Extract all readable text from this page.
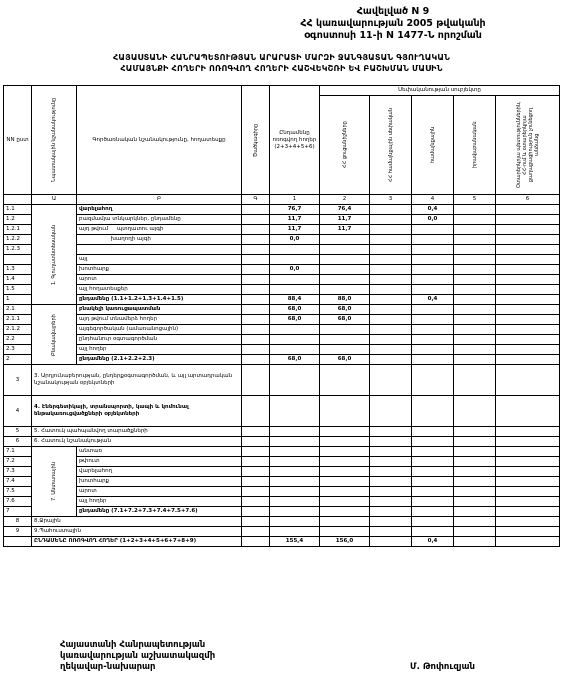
Հավելված N 9
ՀՀ կառավարության 2005 թվականի
օգոստոսի 11-ի N 1477-Ն որոշման
ՀԱՅԱՍՏԱՆԻ ՀԱՆՐԱՊԵՏՈՒԹՅԱՆ ԱՐԱՐԱՏԻ ՄԱՐԶԻ ՋԱՆԳՅԱՏԱՆ ԳՅՈՒՂԱԿԱՆ
ՀԱՄԱՅՆՔԻ ՀՈՂԵՐԻ ՈՌՈԳՎՈՂ ՀՈՂԵՐԻ ՀԱՇՎԵԿՇՌԻ ԵՎ ԲԱՇԽՄԱՆ ՄԱՍԻՆ
NN ըստ	Նպատակային նշանակությունը	Գործառնական նշանակությունը, հողատեսքը	Ծածկագիրը	Ընդամենը ոռոգվող հողեր (2+3+4+5+6)	Սեփականության սուբյեկտը				

					ՀՀ ցուցանիշները	ՀՀ համայնքային սեփական	համայնքային	իրավաբանական	Օտարերկրյա պետություններին, ՀՀ-ում և օտարերկրյա քաղաքացիություն չունեցող անձանց

	Ա	Բ	Գ	1	2	3	4	5	6
1.1	1. Գյուղատնտեսական	վարելահող		76,7	76,4		0,4		
1.2		բազմամյա տնկարկներ, ընդամենը		11,7	11,7		0,0		
1.2.1		այդ թվում     պտղատու այգի		11,7	11,7				
1.2.2		խաղողի այգի		0,0					
1.2.3									
		այլ							
1.3		խոտհարք		0,0					
1.4		արոտ							
1.5		այլ հողատեսքեր							
1		ընդամենը (1.1+1.2+1.3+1.4+1.5)		88,4	88,0		0,4		
2.1	Բնակավայրերի	բնակելի կառուցապատման		68,0	68,0				
2.1.1		այդ թվում տնամերձ հողեր		68,0	68,0				
2.1.2		այգեգործական (ամառանոցային)							
2.2		ընդհանուր օգտագործման							
2.3		այլ հողեր							
2		ընդամենը (2.1+2.2+2.3)		68,0	68,0				
3	3. Արդյունաբերության, ընդերքօգտագործման, և այլ արտադրական նշանակության օբյեկտների								
4	4. Էներգետիկայի, տրանսպորտի, կապի և կոմունալ ենթակառուցվածքների օբյեկտների								
5	5. Հատուկ պահպանվող տարածքների								
6	6. Հատուկ նշանակության								
7.1	7. Անտառային	անտառ							
7.2		թփուտ							
7.3		վարելահող							
7.4		խոտհարք							
7.5		արոտ							
7.6		այլ հողեր							
7		ընդամենը (7.1+7.2+7.3+7.4+7.5+7.6)							
8	8.Ջրային								
9	9.Պահուստային								
	ԸՆԴԱՄԵՆԸ ՈՌՈԳՎՈՂ ՀՈՂԵՐ (1+2+3+4+5+6+7+8+9)			155,4	156,0		0,4		
Հայաստանի Հանրապետության
կառավարության աշխատակազմի
ղեկավար-նախարար	Մ. Թոփուզյան
